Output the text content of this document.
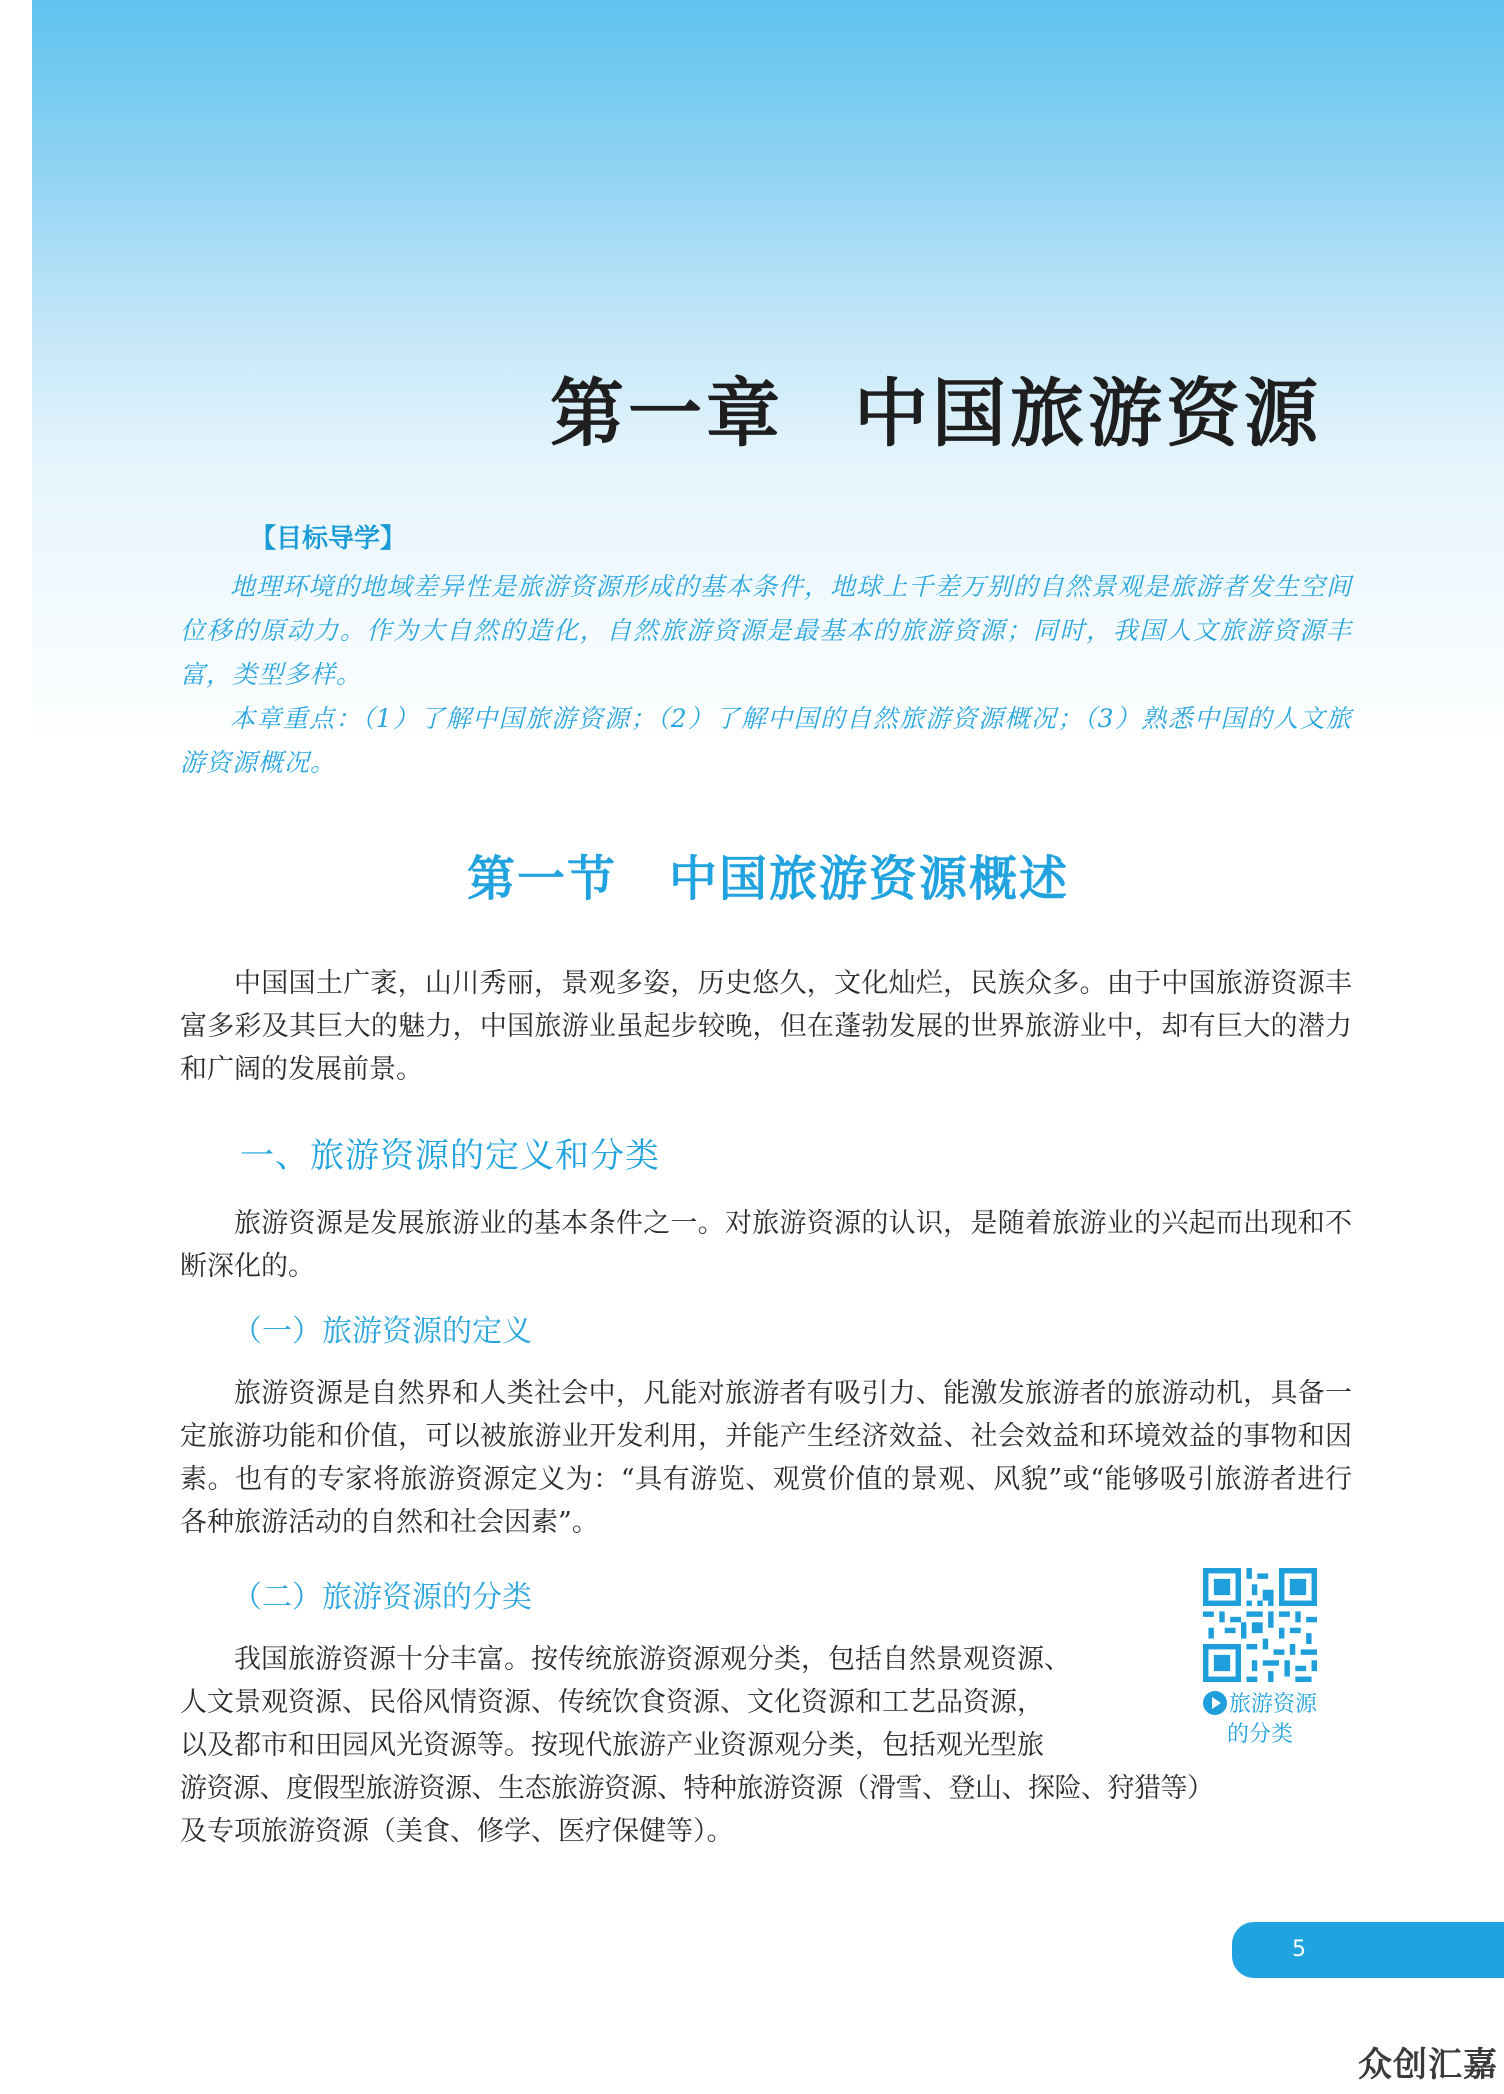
第一章 中国旅游资源
【目标导学】

地理环境的地域差异性是旅游资源形成的基本条件，地球上千差万别的自然景观是旅游者发生空间位移的原动力。作为大自然的造化，自然旅游资源是最基本的旅游资源；同时，我国人文旅游资源丰富，类型多样。

本章重点：（1）了解中国旅游资源；（2）了解中国的自然旅游资源概况；（3）熟悉中国的人文旅游资源概况。

第一节 中国旅游资源概述

中国国土广袤，山川秀丽，景观多姿，历史悠久，文化灿烂，民族众多。由于中国旅游资源丰富多彩及其巨大的魅力，中国旅游业虽起步较晚，但在蓬勃发展的世界旅游业中，却有巨大的潜力和广阔的发展前景。

一、旅游资源的定义和分类

旅游资源是发展旅游业的基本条件之一。对旅游资源的认识，是随着旅游业的兴起而出现和不断深化的。

（一）旅游资源的定义

旅游资源是自然界和人类社会中，凡能对旅游者有吸引力、能激发旅游者的旅游动机，具备一定旅游功能和价值，可以被旅游业开发利用，并能产生经济效益、社会效益和环境效益的事物和因素。也有的专家将旅游资源定义为：“具有游览、观赏价值的景观、风貌”或“能够吸引旅游者进行各种旅游活动的自然和社会因素”。

（二）旅游资源的分类
我国旅游资源十分丰富。按传统旅游资源观分类，包括自然景观资源、
人文景观资源、民俗风情资源、传统饮食资源、文化资源和工艺品资源，
以及都市和田园风光资源等。按现代旅游产业资源观分类，包括观光型旅
游资源、度假型旅游资源、生态旅游资源、特种旅游资源（滑雪、登山、探险、狩猎等）
及专项旅游资源（美食、修学、医疗保健等）。
旅游资源
的分类
5
众创汇嘉
